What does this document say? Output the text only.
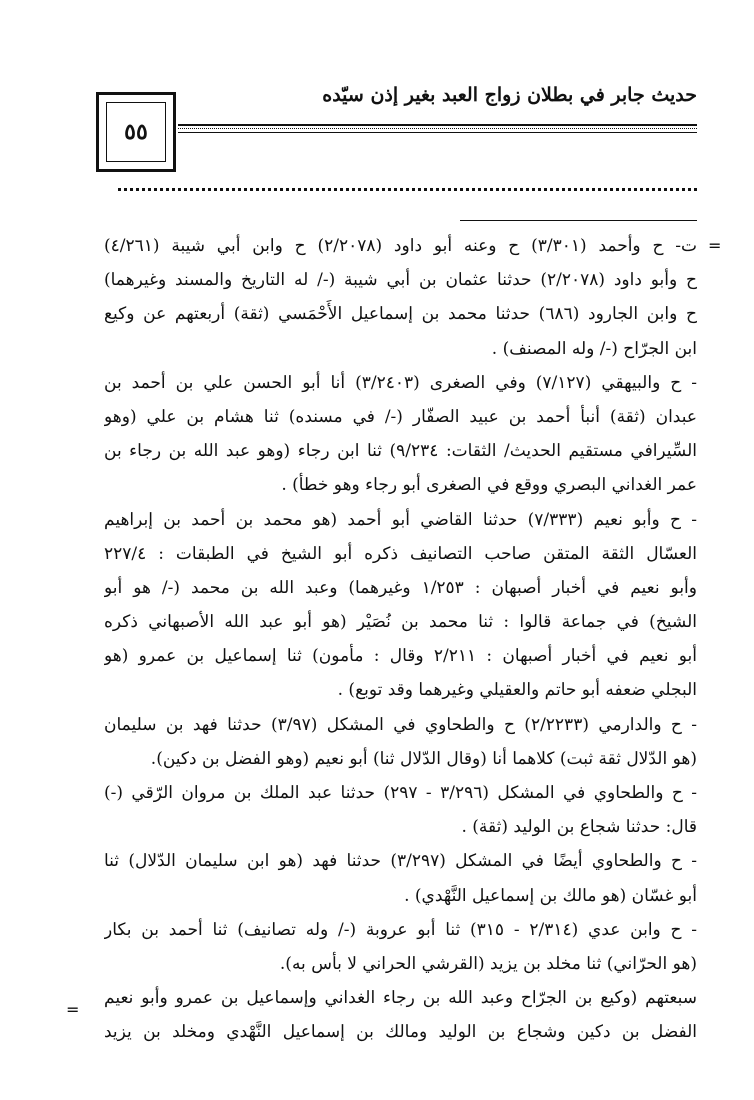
٥٥
حديث جابر في بطلان زواج العبد بغير إذن سيّده
=
=
ت- ح وأحمد (٣/٣٠١) ح وعنه أبو داود (٢/٢٠٧٨) ح وابن أبي شيبة (٤/٢٦١)
ح وأبو داود (٢/٢٠٧٨) حدثنا عثمان بن أبي شيبة (-/ له التاريخ والمسند وغيرهما)
ح وابن الجارود (٦٨٦) حدثنا محمد بن إسماعيل الأَحْمَسي (ثقة) أربعتهم عن وكيع
ابن الجرّاح (-/ وله المصنف) .
- ح والبيهقي (٧/١٢٧) وفي الصغرى (٣/٢٤٠٣) أنا أبو الحسن علي بن أحمد بن
عبدان (ثقة) أنبأ أحمد بن عبيد الصفّار (-/ في مسنده) ثنا هشام بن علي (وهو
السِّيرافي مستقيم الحديث/ الثقات: ٩/٢٣٤) ثنا ابن رجاء (وهو عبد الله بن رجاء بن
عمر الغداني البصري ووقع في الصغرى أبو رجاء وهو خطأ) .
- ح وأبو نعيم (٧/٣٣٣) حدثنا القاضي أبو أحمد (هو محمد بن أحمد بن إبراهيم
العسّال الثقة المتقن صاحب التصانيف ذكره أبو الشيخ في الطبقات : ٢٢٧/٤
وأبو نعيم في أخبار أصبهان : ١/٢٥٣ وغيرهما) وعبد الله بن محمد (-/ هو أبو
الشيخ) في جماعة قالوا : ثنا محمد بن نُصَيْر (هو أبو عبد الله الأصبهاني ذكره
أبو نعيم في أخبار أصبهان : ٢/٢١١ وقال : مأمون) ثنا إسماعيل بن عمرو (هو
البجلي ضعفه أبو حاتم والعقيلي وغيرهما وقد توبع) .
- ح والدارمي (٢/٢٢٣٣) ح والطحاوي في المشكل (٣/٩٧) حدثنا فهد بن سليمان
(هو الدّلال ثقة ثبت) كلاهما أنا (وقال الدّلال ثنا) أبو نعيم (وهو الفضل بن دكين).
- ح والطحاوي في المشكل (٣/٢٩٦ - ٢٩٧) حدثنا عبد الملك بن مروان الرّقي (-)
قال: حدثنا شجاع بن الوليد (ثقة) .
- ح والطحاوي أيضًا في المشكل (٣/٢٩٧) حدثنا فهد (هو ابن سليمان الدّلال) ثنا
أبو غسّان (هو مالك بن إسماعيل النَّهْدي) .
- ح وابن عدي (٢/٣١٤ - ٣١٥) ثنا أبو عروبة (-/ وله تصانيف) ثنا أحمد بن بكار
(هو الحرّاني) ثنا مخلد بن يزيد (القرشي الحراني لا بأس به).
سبعتهم (وكيع بن الجرّاح وعبد الله بن رجاء الغداني وإسماعيل بن عمرو وأبو نعيم
الفضل بن دكين وشجاع بن الوليد ومالك بن إسماعيل النَّهْدي ومخلد بن يزيد
